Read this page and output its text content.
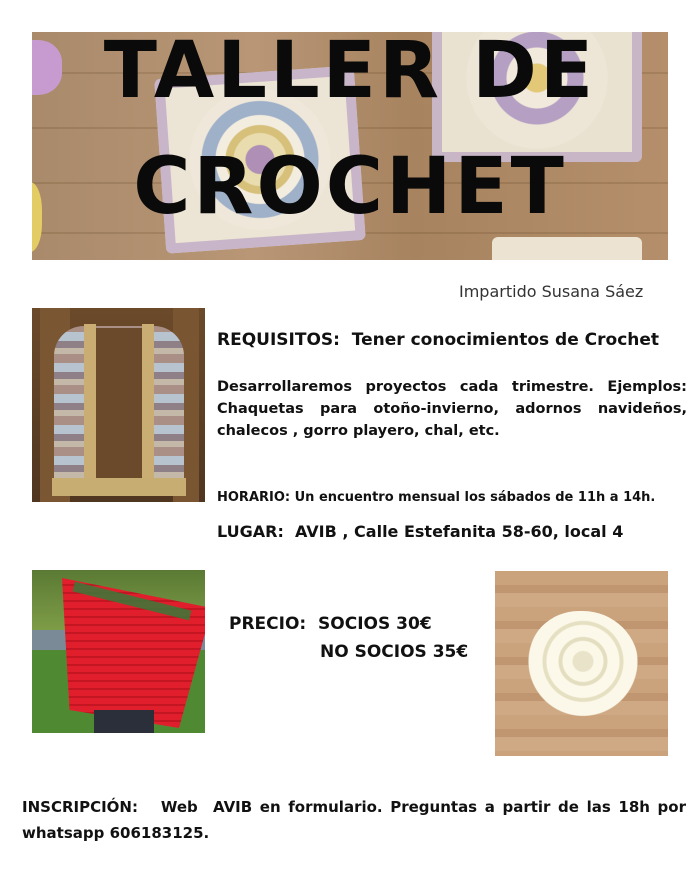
TALLER DE
CROCHET
Impartido Susana Sáez
REQUISITOS:  Tener conocimientos de Crochet
Desarrollaremos proyectos cada trimestre. Ejemplos: Chaquetas para otoño-invierno, adornos navideños, chalecos , gorro playero, chal, etc.
HORARIO: Un encuentro mensual los sábados de 11h a 14h.
LUGAR:  AVIB , Calle Estefanita 58-60, local 4
PRECIO:  SOCIOS 30€
NO SOCIOS 35€
INSCRIPCIÓN:   Web  AVIB en formulario. Preguntas a partir de las 18h por whatsapp 606183125.
